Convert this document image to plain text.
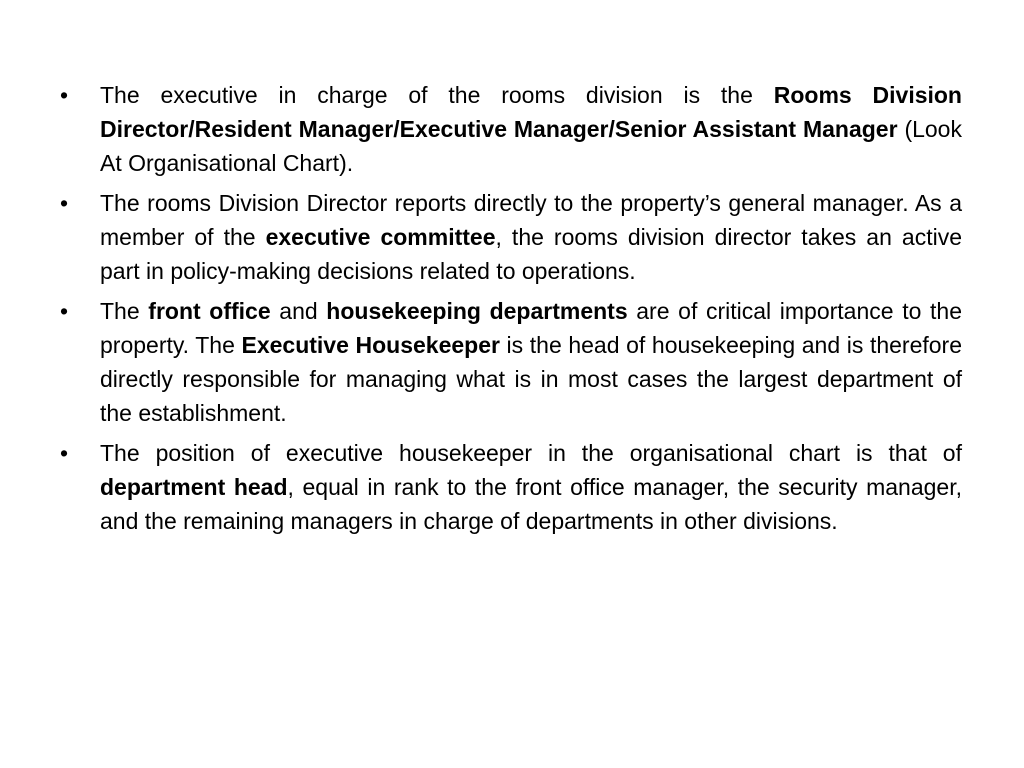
•	The executive in charge of the rooms division is the Rooms Division Director/Resident Manager/Executive Manager/Senior Assistant Manager (Look At Organisational Chart).
•	The rooms Division Director reports directly to the property’s general manager. As a member of the executive committee, the rooms division director takes an active part in policy-making decisions related to operations.
•	The front office and housekeeping departments are of critical importance to the property. The Executive Housekeeper is the head of housekeeping and is therefore directly responsible for managing what is in most cases the largest department of the establishment.
•	The position of executive housekeeper in the organisational chart is that of department head, equal in rank to the front office manager, the security manager, and the remaining managers in charge of departments in other divisions.
